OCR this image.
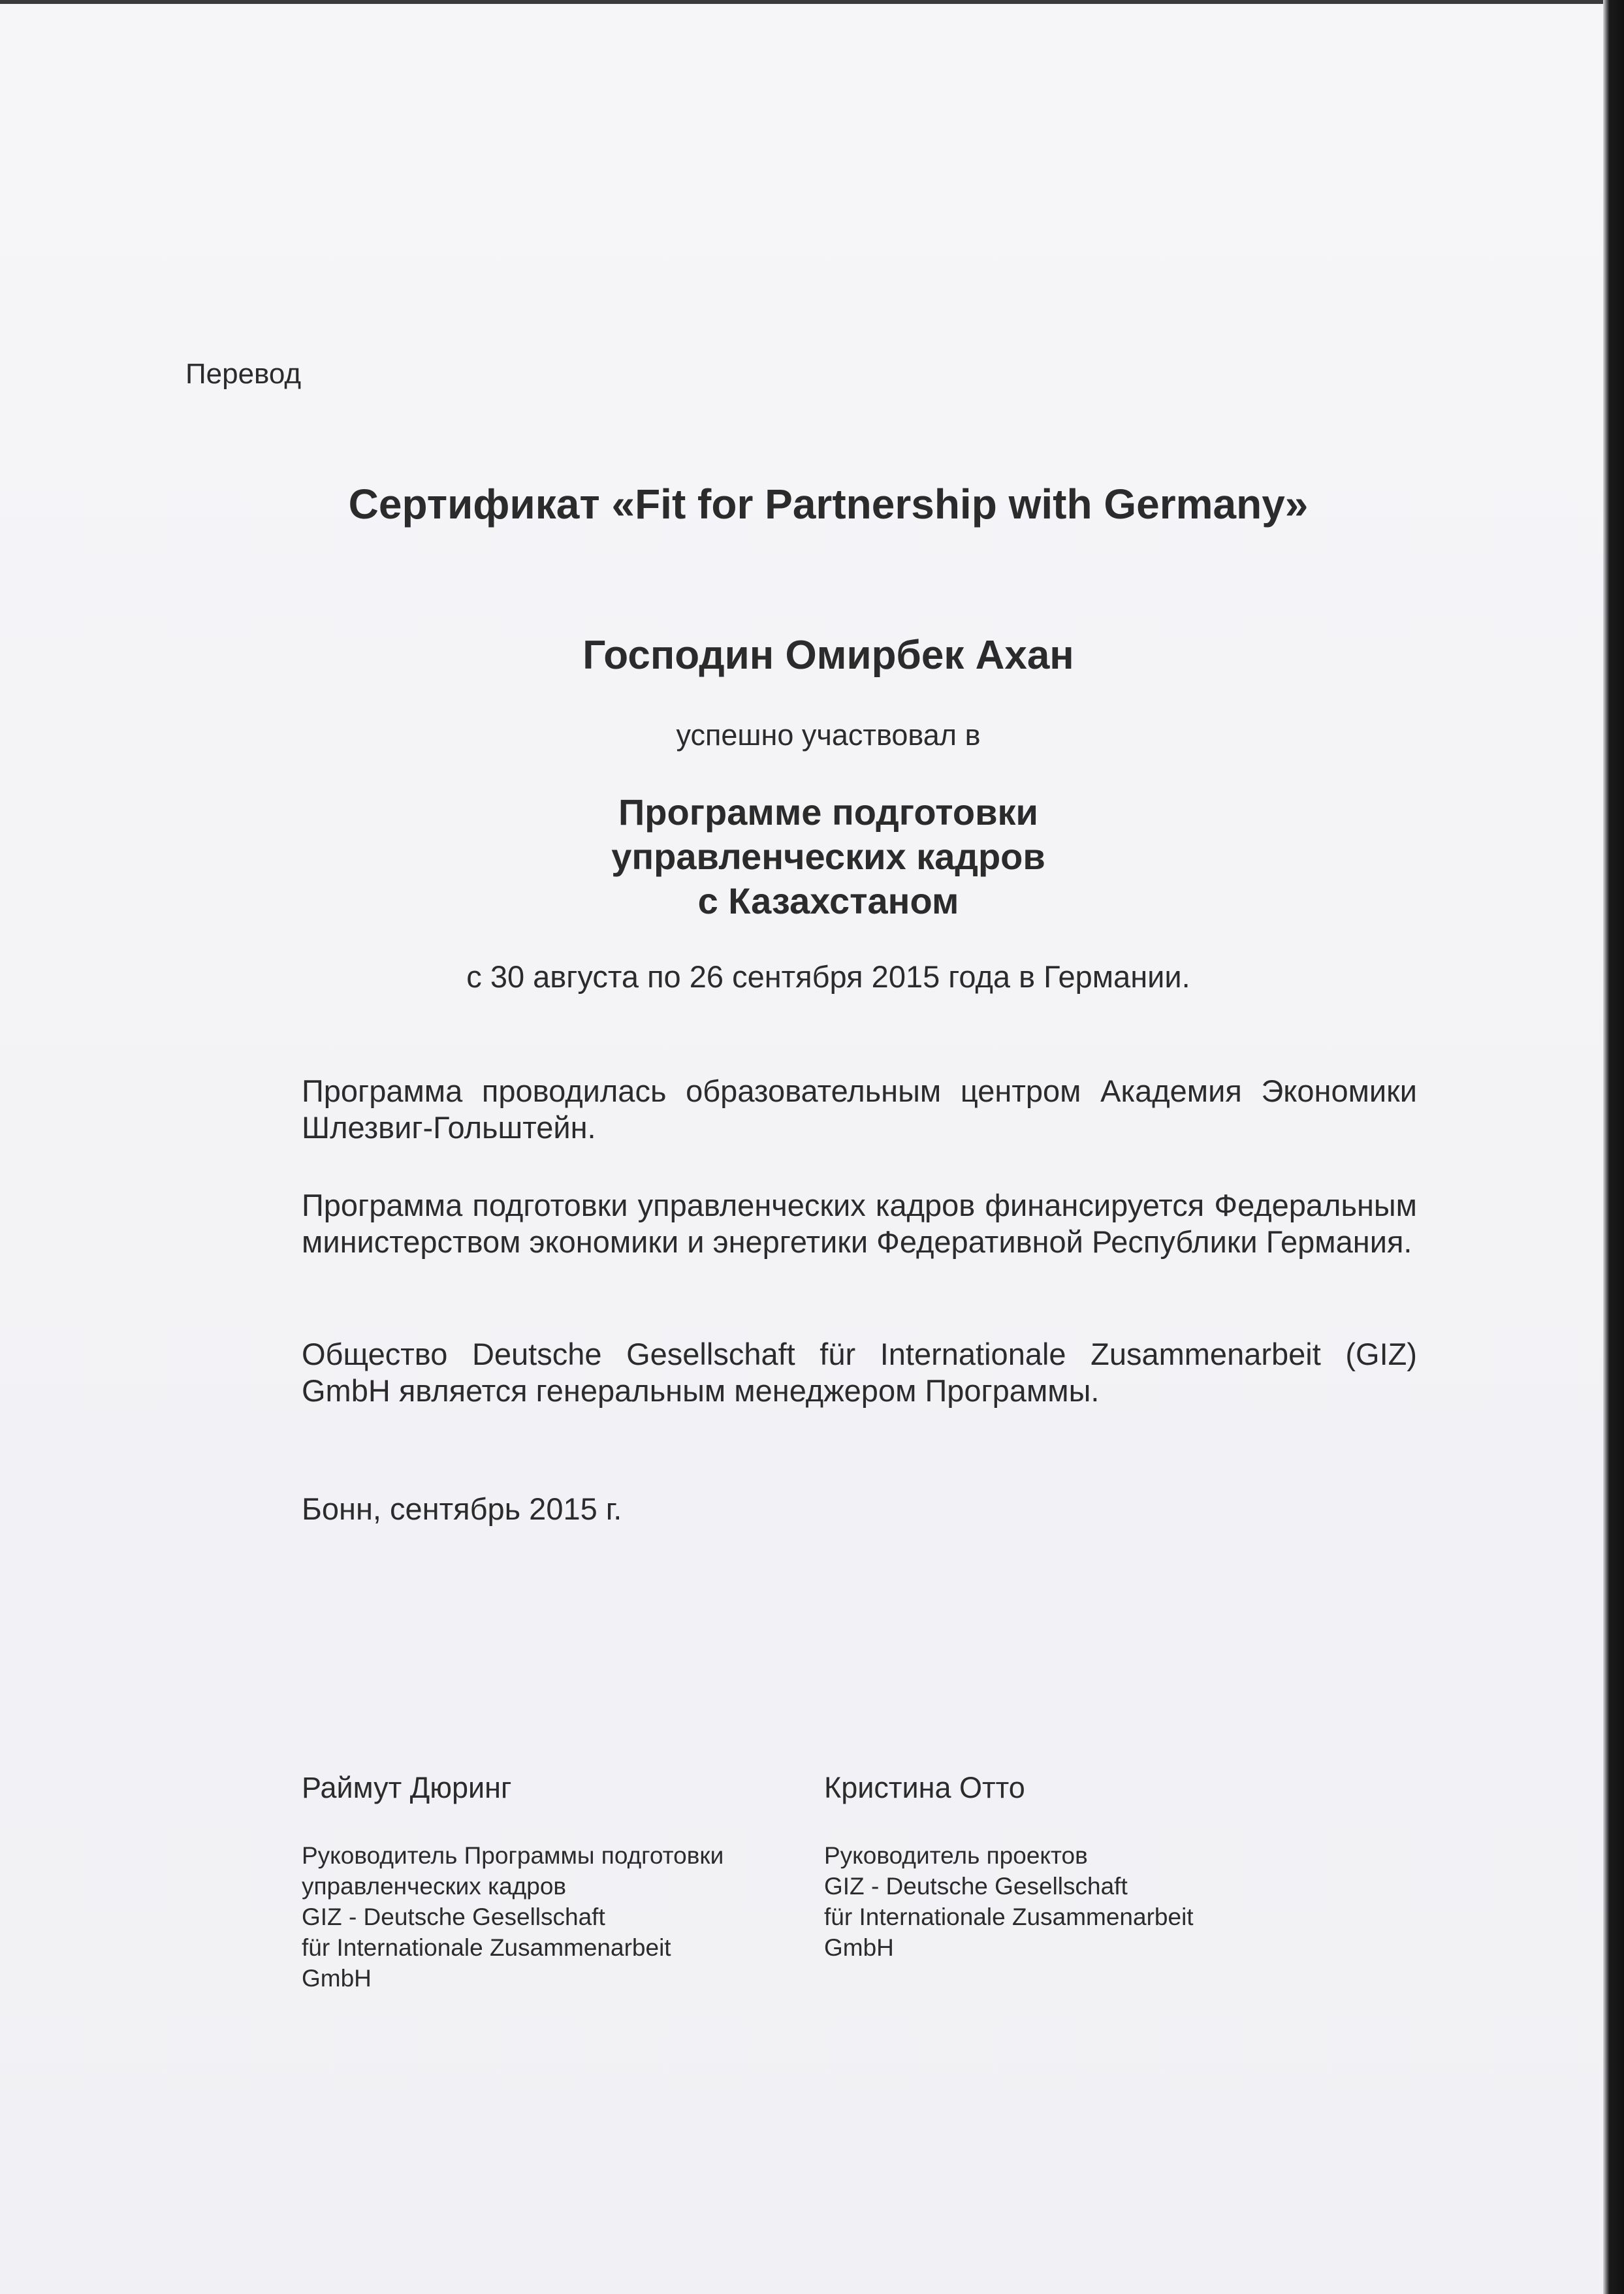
Перевод
Сертификат «Fit for Partnership with Germany»
Господин Омирбек Ахан
успешно участвовал в
Программе подготовки
управленческих кадров
с Казахстаном
с 30 августа по 26 сентября 2015 года в Германии.
Программа проводилась образовательным центром Академия Экономики Шлезвиг-Гольштейн.
Программа подготовки управленческих кадров финансируется Федеральным министерством экономики и энергетики Федеративной Республики Германия.
Общество Deutsche Gesellschaft für Internationale Zusammenarbeit (GIZ) GmbH является генеральным менеджером Программы.
Бонн, сентябрь 2015 г.
Раймут Дюринг
Руководитель Программы подготовки
управленческих кадров
GIZ - Deutsche Gesellschaft
für Internationale Zusammenarbeit
GmbH
Кристина Отто
Руководитель проектов
GIZ - Deutsche Gesellschaft
für Internationale Zusammenarbeit
GmbH
